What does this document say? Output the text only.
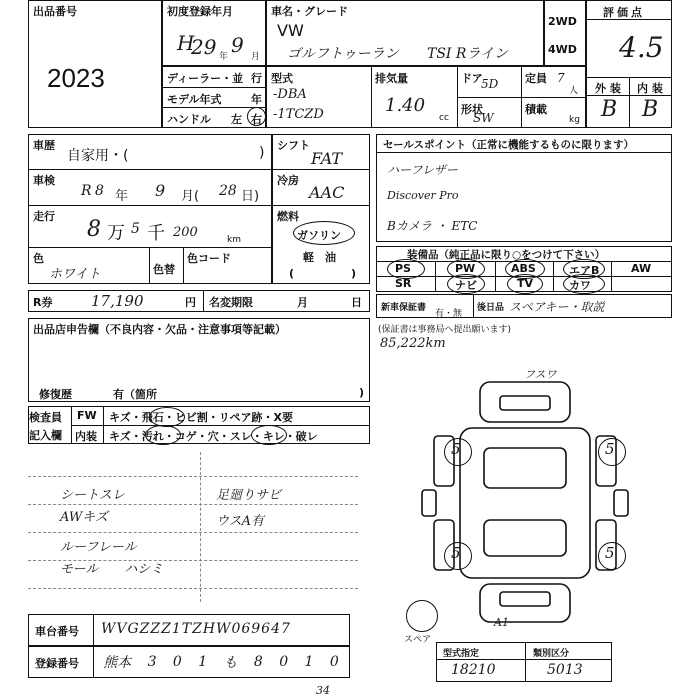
出品番号
2023
初度登録年月
H
29 年 9 月
車名・グレード
VW
ゴルフトゥーラン TSI Rライン
2WD
4WD
評価点
4.5
外 装 内 装
B B
ディーラー・並 行
モデル年式	年
ハンドル 左 右
型式
-DBA
-1TCZD
排気量
1.40
cc
ドア
5D 定員 7
人
形状
SW
積載
kg
車歴
自家用・(	)
車検
R 8 年 9 月( 28 日)
走行
8 万 5 千 200	km
色
ホワイト	色替
色コード
シフト
FAT
冷房
AAC
燃料
ガソリン
軽　油
(	)
セールスポイント（正常に機能するものに限ります）
ハーフレザー
Discover Pro
Bカメラ ・ ETC
装備品（純正品に限り○をつけて下さい）
PS	PW	ABS	エアB	AW
SR	ナビ	TV	カワ
R券	17,190	円 名変期限	月	日 新車保証書
有・無
後日品 スペアキー・取説
(保証書は事務局へ提出願います)
85,222km
出品店申告欄（不良内容・欠品・注意事項等記載）
修復歴	有（箇所	)
検査員
記入欄
FW キズ・飛石・ヒビ割・リペア跡・X要
内装 キズ・汚れ・コゲ・穴・スレ・キレ・破レ
シートスレ
AWキズ
ルーフレール
モール　　ハシミ
足廻りサビ
ウスA有
フスワ
A1
5	5
5	5
スペア
車台番号 WVGZZZ1TZHW069647
登録番号 熊本 3 0 1 も 8 0 1 0	型式指定	類別区分
18210	5013
34
